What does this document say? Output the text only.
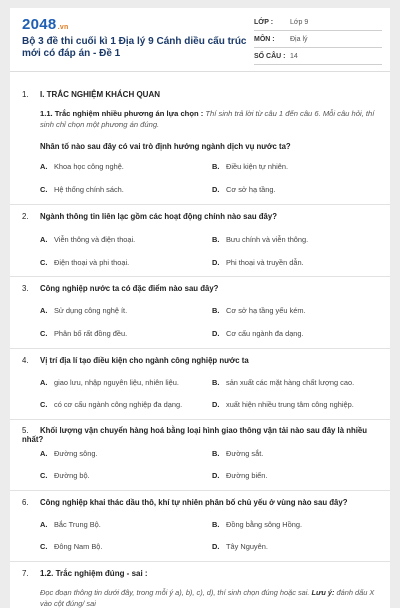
2048.vn
Bộ 3 đề thi cuối kì 1 Địa lý 9 Cánh diều cấu trúc mới có đáp án - Đề 1
LỚP :	Lớp 9
MÔN :	Địa lý
SỐ CÂU : 14
1. I. TRẮC NGHIỆM KHÁCH QUAN
1.1. Trắc nghiệm nhiều phương án lựa chọn : Thí sinh trả lời từ câu 1 đến câu 6. Mỗi câu hỏi, thí sinh chỉ chọn một phương án đúng.
Nhân tố nào sau đây có vai trò định hướng ngành dịch vụ nước ta?
A. Khoa học công nghệ.	B. Điều kiện tự nhiên.
C. Hệ thống chính sách.	D. Cơ sở hạ tầng.
2. Ngành thông tin liên lạc gồm các hoạt động chính nào sau đây?
A. Viễn thông và điện thoại.	B. Bưu chính và viễn thông.
C. Điện thoại và phi thoại.	D. Phi thoại và truyền dẫn.
3. Công nghiệp nước ta có đặc điểm nào sau đây?
A. Sử dụng công nghệ ít.	B. Cơ sở hạ tầng yếu kém.
C. Phân bố rất đồng đều.	D. Cơ cấu ngành đa dạng.
4. Vị trí địa lí tạo điều kiện cho ngành công nghiệp nước ta
A. giao lưu, nhập nguyên liệu, nhiên liệu.	B. sản xuất các mặt hàng chất lượng cao.
C. có cơ cấu ngành công nghiệp đa dạng.	D. xuất hiện nhiều trung tâm công nghiệp.
5. Khối lượng vận chuyển hàng hoá bằng loại hình giao thông vận tải nào sau đây là nhiều nhất?
A. Đường sông.	B. Đường sắt.
C. Đường bộ.	D. Đường biển.
6. Công nghiệp khai thác dầu thô, khí tự nhiên phân bố chủ yếu ở vùng nào sau đây?
A. Bắc Trung Bộ.	B. Đồng bằng sông Hồng.
C. Đông Nam Bộ.	D. Tây Nguyên.
7. 1.2. Trắc nghiệm đúng - sai :
Đọc đoạn thông tin dưới đây, trong mỗi ý a), b), c), d), thí sinh chọn đúng hoặc sai. Lưu ý: đánh dấu X vào cột đúng/ sai
